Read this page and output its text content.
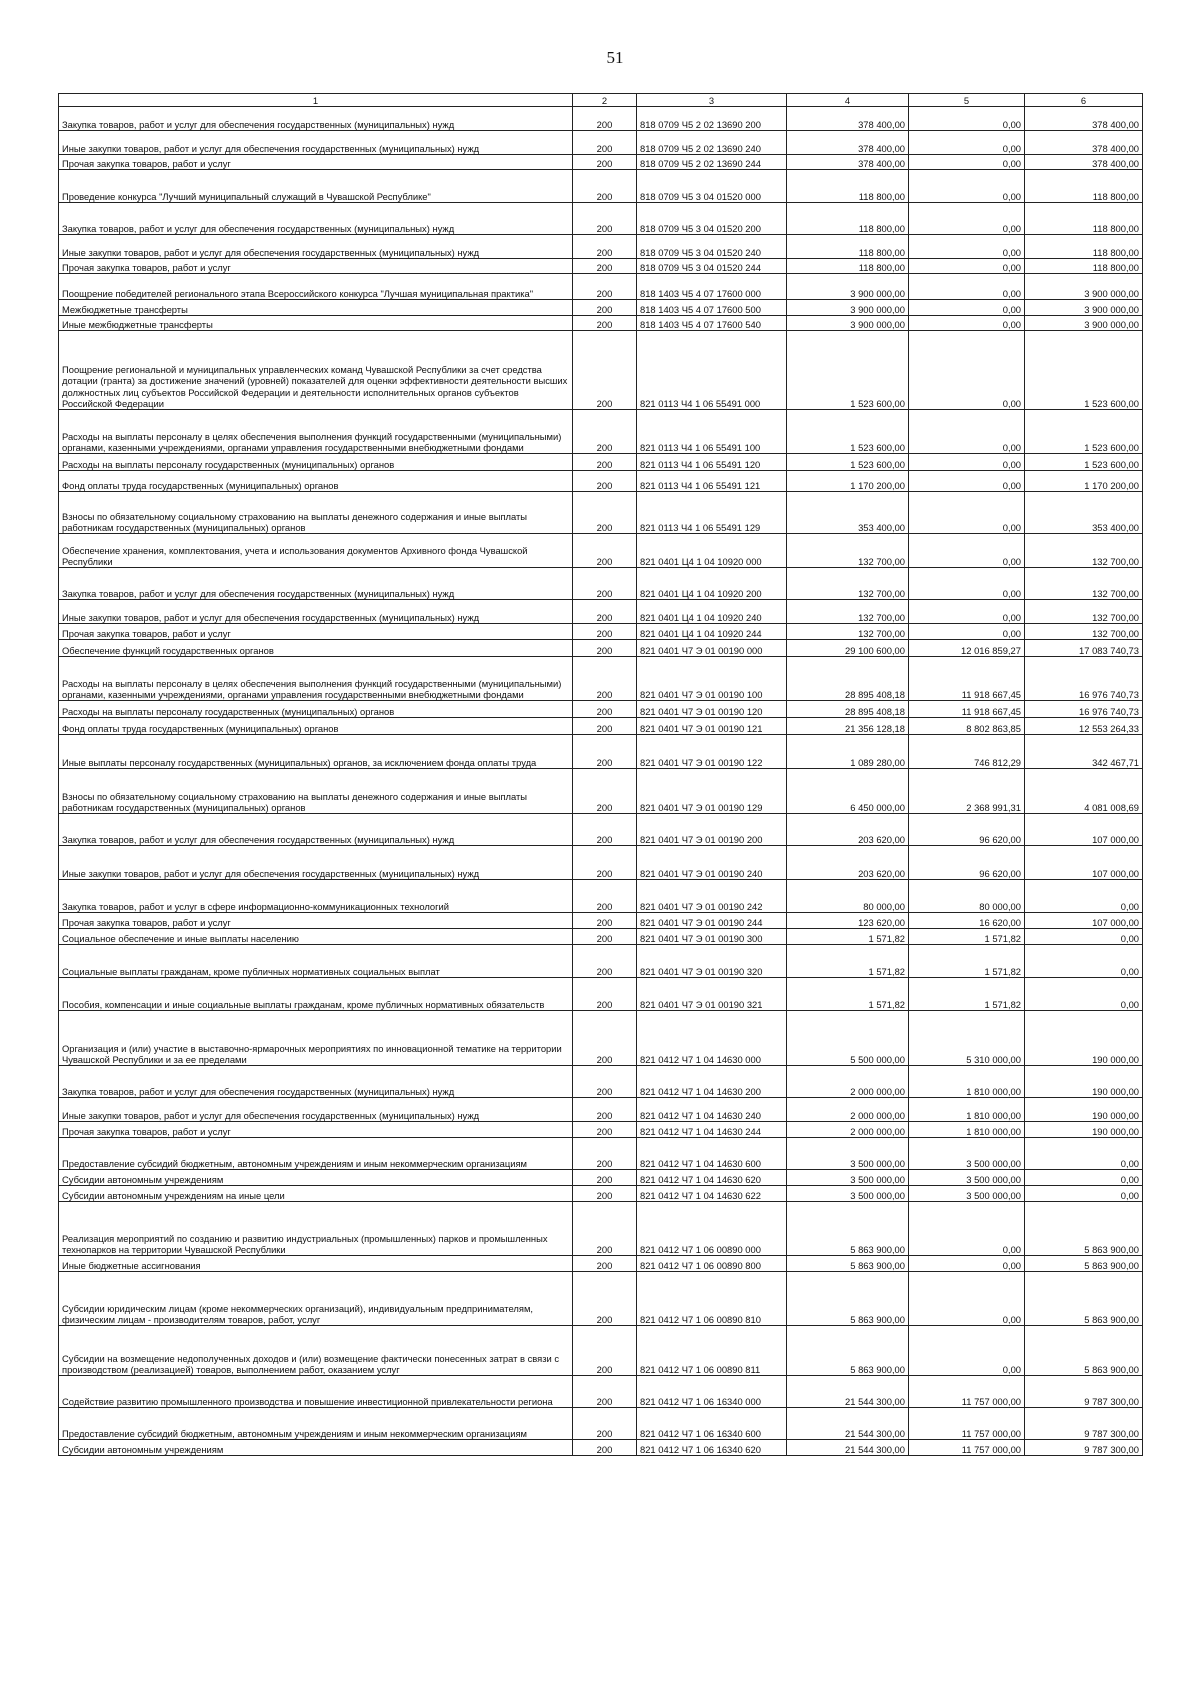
51
1	2	3	4	5	6
Закупка товаров, работ и услуг для обеспечения государственных (муниципальных) нужд	200	818 0709 Ч5 2 02 13690 200	378 400,00	0,00	378 400,00
Иные закупки товаров, работ и услуг для обеспечения государственных (муниципальных) нужд	200	818 0709 Ч5 2 02 13690 240	378 400,00	0,00	378 400,00
Прочая закупка товаров, работ и услуг	200	818 0709 Ч5 2 02 13690 244	378 400,00	0,00	378 400,00
Проведение конкурса "Лучший муниципальный служащий в Чувашской Республике"	200	818 0709 Ч5 3 04 01520 000	118 800,00	0,00	118 800,00
Закупка товаров, работ и услуг для обеспечения государственных (муниципальных) нужд	200	818 0709 Ч5 3 04 01520 200	118 800,00	0,00	118 800,00
Иные закупки товаров, работ и услуг для обеспечения государственных (муниципальных) нужд	200	818 0709 Ч5 3 04 01520 240	118 800,00	0,00	118 800,00
Прочая закупка товаров, работ и услуг	200	818 0709 Ч5 3 04 01520 244	118 800,00	0,00	118 800,00
Поощрение победителей регионального этапа Всероссийского конкурса "Лучшая муниципальная практика"	200	818 1403 Ч5 4 07 17600 000	3 900 000,00	0,00	3 900 000,00
Межбюджетные трансферты	200	818 1403 Ч5 4 07 17600 500	3 900 000,00	0,00	3 900 000,00
Иные межбюджетные трансферты	200	818 1403 Ч5 4 07 17600 540	3 900 000,00	0,00	3 900 000,00
Поощрение региональной и муниципальных управленческих команд Чувашской Республики за счет средства дотации (гранта) за достижение значений (уровней) показателей для оценки эффективности деятельности высших должностных лиц субъектов Российской Федерации и деятельности исполнительных органов субъектов Российской Федерации	200	821 0113 Ч4 1 06 55491 000	1 523 600,00	0,00	1 523 600,00
Расходы на выплаты персоналу в целях обеспечения выполнения функций государственными (муниципальными) органами, казенными учреждениями, органами управления государственными внебюджетными фондами	200	821 0113 Ч4 1 06 55491 100	1 523 600,00	0,00	1 523 600,00
Расходы на выплаты персоналу государственных (муниципальных) органов	200	821 0113 Ч4 1 06 55491 120	1 523 600,00	0,00	1 523 600,00
Фонд оплаты труда государственных (муниципальных) органов	200	821 0113 Ч4 1 06 55491 121	1 170 200,00	0,00	1 170 200,00
Взносы по обязательному социальному страхованию на выплаты денежного содержания и иные выплаты работникам государственных (муниципальных) органов	200	821 0113 Ч4 1 06 55491 129	353 400,00	0,00	353 400,00
Обеспечение хранения, комплектования, учета и использования документов Архивного фонда Чувашской Республики	200	821 0401 Ц4 1 04 10920 000	132 700,00	0,00	132 700,00
Закупка товаров, работ и услуг для обеспечения государственных (муниципальных) нужд	200	821 0401 Ц4 1 04 10920 200	132 700,00	0,00	132 700,00
Иные закупки товаров, работ и услуг для обеспечения государственных (муниципальных) нужд	200	821 0401 Ц4 1 04 10920 240	132 700,00	0,00	132 700,00
Прочая закупка товаров, работ и услуг	200	821 0401 Ц4 1 04 10920 244	132 700,00	0,00	132 700,00
Обеспечение функций государственных органов	200	821 0401 Ч7 Э 01 00190 000	29 100 600,00	12 016 859,27	17 083 740,73
Расходы на выплаты персоналу в целях обеспечения выполнения функций государственными (муниципальными) органами, казенными учреждениями, органами управления государственными внебюджетными фондами	200	821 0401 Ч7 Э 01 00190 100	28 895 408,18	11 918 667,45	16 976 740,73
Расходы на выплаты персоналу государственных (муниципальных) органов	200	821 0401 Ч7 Э 01 00190 120	28 895 408,18	11 918 667,45	16 976 740,73
Фонд оплаты труда государственных (муниципальных) органов	200	821 0401 Ч7 Э 01 00190 121	21 356 128,18	8 802 863,85	12 553 264,33
Иные выплаты персоналу государственных (муниципальных) органов, за исключением фонда оплаты труда	200	821 0401 Ч7 Э 01 00190 122	1 089 280,00	746 812,29	342 467,71
Взносы по обязательному социальному страхованию на выплаты денежного содержания и иные выплаты работникам государственных (муниципальных) органов	200	821 0401 Ч7 Э 01 00190 129	6 450 000,00	2 368 991,31	4 081 008,69
Закупка товаров, работ и услуг для обеспечения государственных (муниципальных) нужд	200	821 0401 Ч7 Э 01 00190 200	203 620,00	96 620,00	107 000,00
Иные закупки товаров, работ и услуг для обеспечения государственных (муниципальных) нужд	200	821 0401 Ч7 Э 01 00190 240	203 620,00	96 620,00	107 000,00
Закупка товаров, работ и услуг в сфере информационно-коммуникационных технологий	200	821 0401 Ч7 Э 01 00190 242	80 000,00	80 000,00	0,00
Прочая закупка товаров, работ и услуг	200	821 0401 Ч7 Э 01 00190 244	123 620,00	16 620,00	107 000,00
Социальное обеспечение и иные выплаты населению	200	821 0401 Ч7 Э 01 00190 300	1 571,82	1 571,82	0,00
Социальные выплаты гражданам, кроме публичных нормативных социальных выплат	200	821 0401 Ч7 Э 01 00190 320	1 571,82	1 571,82	0,00
Пособия, компенсации и иные социальные выплаты гражданам, кроме публичных нормативных обязательств	200	821 0401 Ч7 Э 01 00190 321	1 571,82	1 571,82	0,00
Организация и (или) участие в выставочно-ярмарочных мероприятиях по инновационной тематике на территории Чувашской Республики и за ее пределами	200	821 0412 Ч7 1 04 14630 000	5 500 000,00	5 310 000,00	190 000,00
Закупка товаров, работ и услуг для обеспечения государственных (муниципальных) нужд	200	821 0412 Ч7 1 04 14630 200	2 000 000,00	1 810 000,00	190 000,00
Иные закупки товаров, работ и услуг для обеспечения государственных (муниципальных) нужд	200	821 0412 Ч7 1 04 14630 240	2 000 000,00	1 810 000,00	190 000,00
Прочая закупка товаров, работ и услуг	200	821 0412 Ч7 1 04 14630 244	2 000 000,00	1 810 000,00	190 000,00
Предоставление субсидий бюджетным, автономным учреждениям и иным некоммерческим организациям	200	821 0412 Ч7 1 04 14630 600	3 500 000,00	3 500 000,00	0,00
Субсидии автономным учреждениям	200	821 0412 Ч7 1 04 14630 620	3 500 000,00	3 500 000,00	0,00
Субсидии автономным учреждениям на иные цели	200	821 0412 Ч7 1 04 14630 622	3 500 000,00	3 500 000,00	0,00
Реализация мероприятий по созданию и развитию индустриальных (промышленных) парков и промышленных технопарков на территории Чувашской Республики	200	821 0412 Ч7 1 06 00890 000	5 863 900,00	0,00	5 863 900,00
Иные бюджетные ассигнования	200	821 0412 Ч7 1 06 00890 800	5 863 900,00	0,00	5 863 900,00
Субсидии юридическим лицам (кроме некоммерческих организаций), индивидуальным предпринимателям, физическим лицам - производителям товаров, работ, услуг	200	821 0412 Ч7 1 06 00890 810	5 863 900,00	0,00	5 863 900,00
Субсидии на возмещение недополученных доходов и (или) возмещение фактически понесенных затрат в связи с производством (реализацией) товаров, выполнением работ, оказанием услуг	200	821 0412 Ч7 1 06 00890 811	5 863 900,00	0,00	5 863 900,00
Содействие развитию промышленного производства и повышение инвестиционной привлекательности региона	200	821 0412 Ч7 1 06 16340 000	21 544 300,00	11 757 000,00	9 787 300,00
Предоставление субсидий бюджетным, автономным учреждениям и иным некоммерческим организациям	200	821 0412 Ч7 1 06 16340 600	21 544 300,00	11 757 000,00	9 787 300,00
Субсидии автономным учреждениям	200	821 0412 Ч7 1 06 16340 620	21 544 300,00	11 757 000,00	9 787 300,00
